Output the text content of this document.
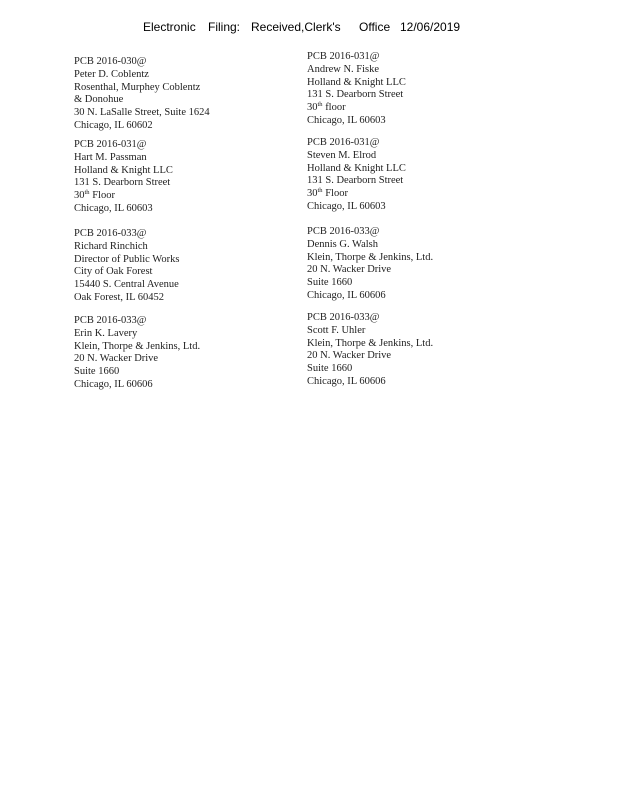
Electronic Filing: Received,Clerk's Office 12/06/2019
PCB 2016-030@
Peter D. Coblentz
Rosenthal, Murphey Coblentz
& Donohue
30 N. LaSalle Street, Suite 1624
Chicago, IL 60602
PCB 2016-031@
Andrew N. Fiske
Holland & Knight LLC
131 S. Dearborn Street
30th floor
Chicago, IL 60603
PCB 2016-031@
Hart M. Passman
Holland & Knight LLC
131 S. Dearborn Street
30th Floor
Chicago, IL 60603
PCB 2016-031@
Steven M. Elrod
Holland & Knight LLC
131 S. Dearborn Street
30th Floor
Chicago, IL 60603
PCB 2016-033@
Richard Rinchich
Director of Public Works
City of Oak Forest
15440 S. Central Avenue
Oak Forest, IL 60452
PCB 2016-033@
Dennis G. Walsh
Klein, Thorpe & Jenkins, Ltd.
20 N. Wacker Drive
Suite 1660
Chicago, IL 60606
PCB 2016-033@
Erin K. Lavery
Klein, Thorpe & Jenkins, Ltd.
20 N. Wacker Drive
Suite 1660
Chicago, IL 60606
PCB 2016-033@
Scott F. Uhler
Klein, Thorpe & Jenkins, Ltd.
20 N. Wacker Drive
Suite 1660
Chicago, IL 60606
